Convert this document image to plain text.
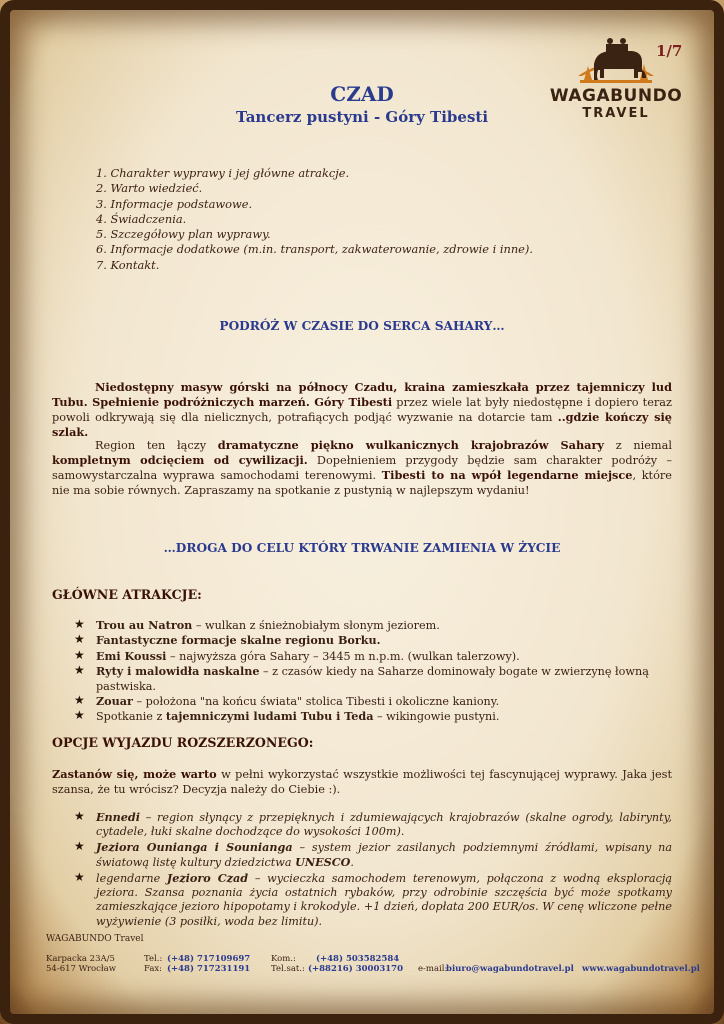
1/7
WAGABUNDO
TRAVEL
CZAD
Tancerz pustyni - Góry Tibesti
1. Charakter wyprawy i jej główne atrakcje.
2. Warto wiedzieć.
3. Informacje podstawowe.
4. Świadczenia.
5. Szczegółowy plan wyprawy.
6. Informacje dodatkowe (m.in. transport, zakwaterowanie, zdrowie i inne).
7. Kontakt.
PODRÓŻ W CZASIE DO SERCA SAHARY…

Niedostępny masyw górski na północy Czadu, kraina zamieszkała przez tajemniczy lud Tubu. Spełnienie podróżniczych marzeń. Góry Tibesti przez wiele lat były niedostępne i dopiero teraz powoli odkrywają się dla nielicznych, potrafiących podjąć wyzwanie na dotarcie tam ..gdzie kończy się szlak.

Region ten łączy dramatyczne piękno wulkanicznych krajobrazów Sahary z niemal kompletnym odcięciem od cywilizacji. Dopełnieniem przygody będzie sam charakter podróży – samowystarczalna wyprawa samochodami terenowymi. Tibesti to na wpół legendarne miejsce, które nie ma sobie równych. Zapraszamy na spotkanie z pustynią w najlepszym wydaniu!

…DROGA DO CELU KTÓRY TRWANIE ZAMIENIA W ŻYCIE
GŁÓWNE ATRAKCJE:
★ Trou au Natron – wulkan z śnieżnobiałym słonym jeziorem.
★ Fantastyczne formacje skalne regionu Borku.
★ Emi Koussi – najwyższa góra Sahary – 3445 m n.p.m. (wulkan talerzowy).
★ Ryty i malowidła naskalne – z czasów kiedy na Saharze dominowały bogate w zwierzynę łowną pastwiska.
★ Zouar – położona "na końcu świata" stolica Tibesti i okoliczne kaniony.
★ Spotkanie z tajemniczymi ludami Tubu i Teda – wikingowie pustyni.
OPCJE WYJAZDU ROZSZERZONEGO:

Zastanów się, może warto w pełni wykorzystać wszystkie możliwości tej fascynującej wyprawy. Jaka jest szansa, że tu wrócisz? Decyzja należy do Ciebie :).

★ Ennedi – region słynący z przepięknych i zdumiewających krajobrazów (skalne ogrody, labirynty, cytadele, łuki skalne dochodzące do wysokości 100m).
★ Jeziora Ounianga i Sounianga – system jezior zasilanych podziemnymi źródłami, wpisany na światową listę kultury dziedzictwa UNESCO.
★ legendarne Jezioro Czad – wycieczka samochodem terenowym, połączona z wodną eksploracją jeziora. Szansa poznania życia ostatnich rybaków, przy odrobinie szczęścia być może spotkamy zamieszkające jezioro hipopotamy i krokodyle. +1 dzień, dopłata 200 EUR/os. W cenę wliczone pełne wyżywienie (3 posiłki, woda bez limitu).
WAGABUNDO Travel
Karpacka 23A/5	Tel.: (+48) 717109697 Kom.: (+48) 503582584
54-617 Wrocław	Fax: (+48) 717231191 Tel.sat.: (+88216) 30003170 e-mail:
biuro@wagabundotravel.pl www.wagabundotravel.pl
